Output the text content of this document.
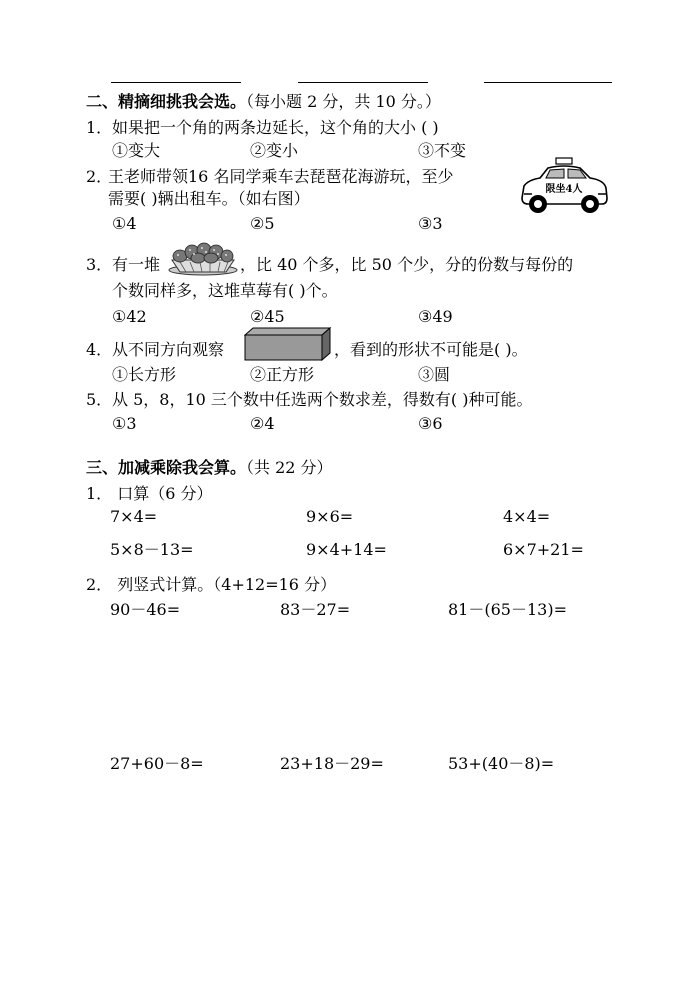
二、精摘细挑我会选。（每小题 2 分，共 10 分。）
1． 如果把一个角的两条边延长，这个角的大小 ( )
①变大	②变小	③不变
2．
王老师带领16 名同学乘车去琵琶花海游玩，至少
需要( )辆出租车。（如右图）
①4	②5	③3
限坐4人
3． 有一堆	，比 40 个多，比 50 个少，分的份数与每份的
个数同样多，这堆草莓有( )个。
①42	②45	③49
4． 从不同方向观察	，看到的形状不可能是( )。
①长方形	②正方形	③圆
5． 从 5，8，10 三个数中任选两个数求差，得数有( )种可能。
①3	②4	③6
三、加减乘除我会算。（共 22 分）
1． 口算（6 分）
7×4=	9×6=	4×4=
5×8－13=	9×4+14=	6×7+21=
2． 列竖式计算。（4+12=16 分）
90－46=	83－27=	81－(65－13)=
27+60－8=	23+18－29=	53+(40－8)=
